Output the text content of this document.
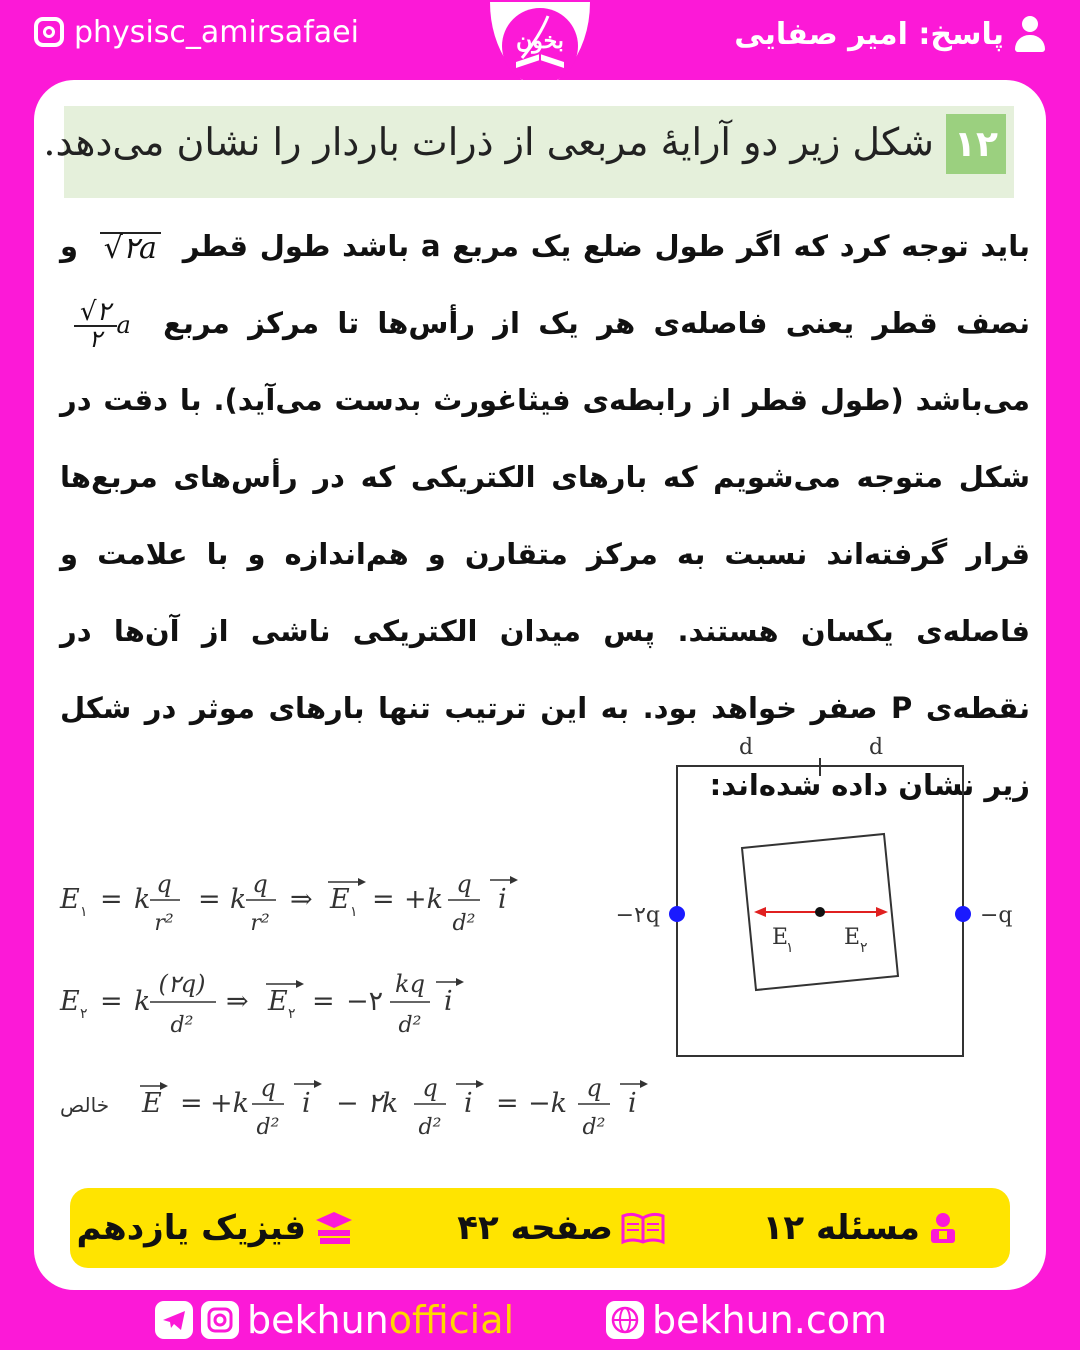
physisc_amirsafaei	پاسخ: امیر صفایی
بخون
۱۲
شکل زیر دو آرایهٔ مربعی از ذرات باردار را نشان می‌دهد.
باید توجه کرد که اگر طول ضلع یک مربع a باشد طول قطر √۲a و نصف قطر یعنی فاصله‌ی هر یک از رأس‌ها تا مرکز مربع
√۲
۲ a می‌باشد (طول قطر از رابطه‌ی فیثاغورث بدست می‌آید). با دقت در شکل متوجه می‌شویم که بارهای الکتریکی که در رأس‌های مربع‌ها قرار گرفته‌اند نسبت به مرکز متقارن و هم‌اندازه و با علامت و فاصله‌ی یکسان هستند. پس میدان الکتریکی ناشی از آن‌ها در نقطه‌ی P صفر خواهد بود. به این ترتیب تنها بارهای موثر در شکل زیر نشان داده شده‌اند:
d	d
−۲q	−q
E
۱ E ۲
E ۱ = k q
r²
= k q
r²
⇒ E ۱ = +k q
d²
i
E ۲ = k
(۲q)
d²
⇒ E ۲ = −۲
kq
d²
i
خالص E = +k q
d²
i − ۲k q
d²
i = −k q
d²
i
مسئله ۱۲
صفحه ۴۲
فیزیک یازدهم
bekhunofficial	bekhun.com
